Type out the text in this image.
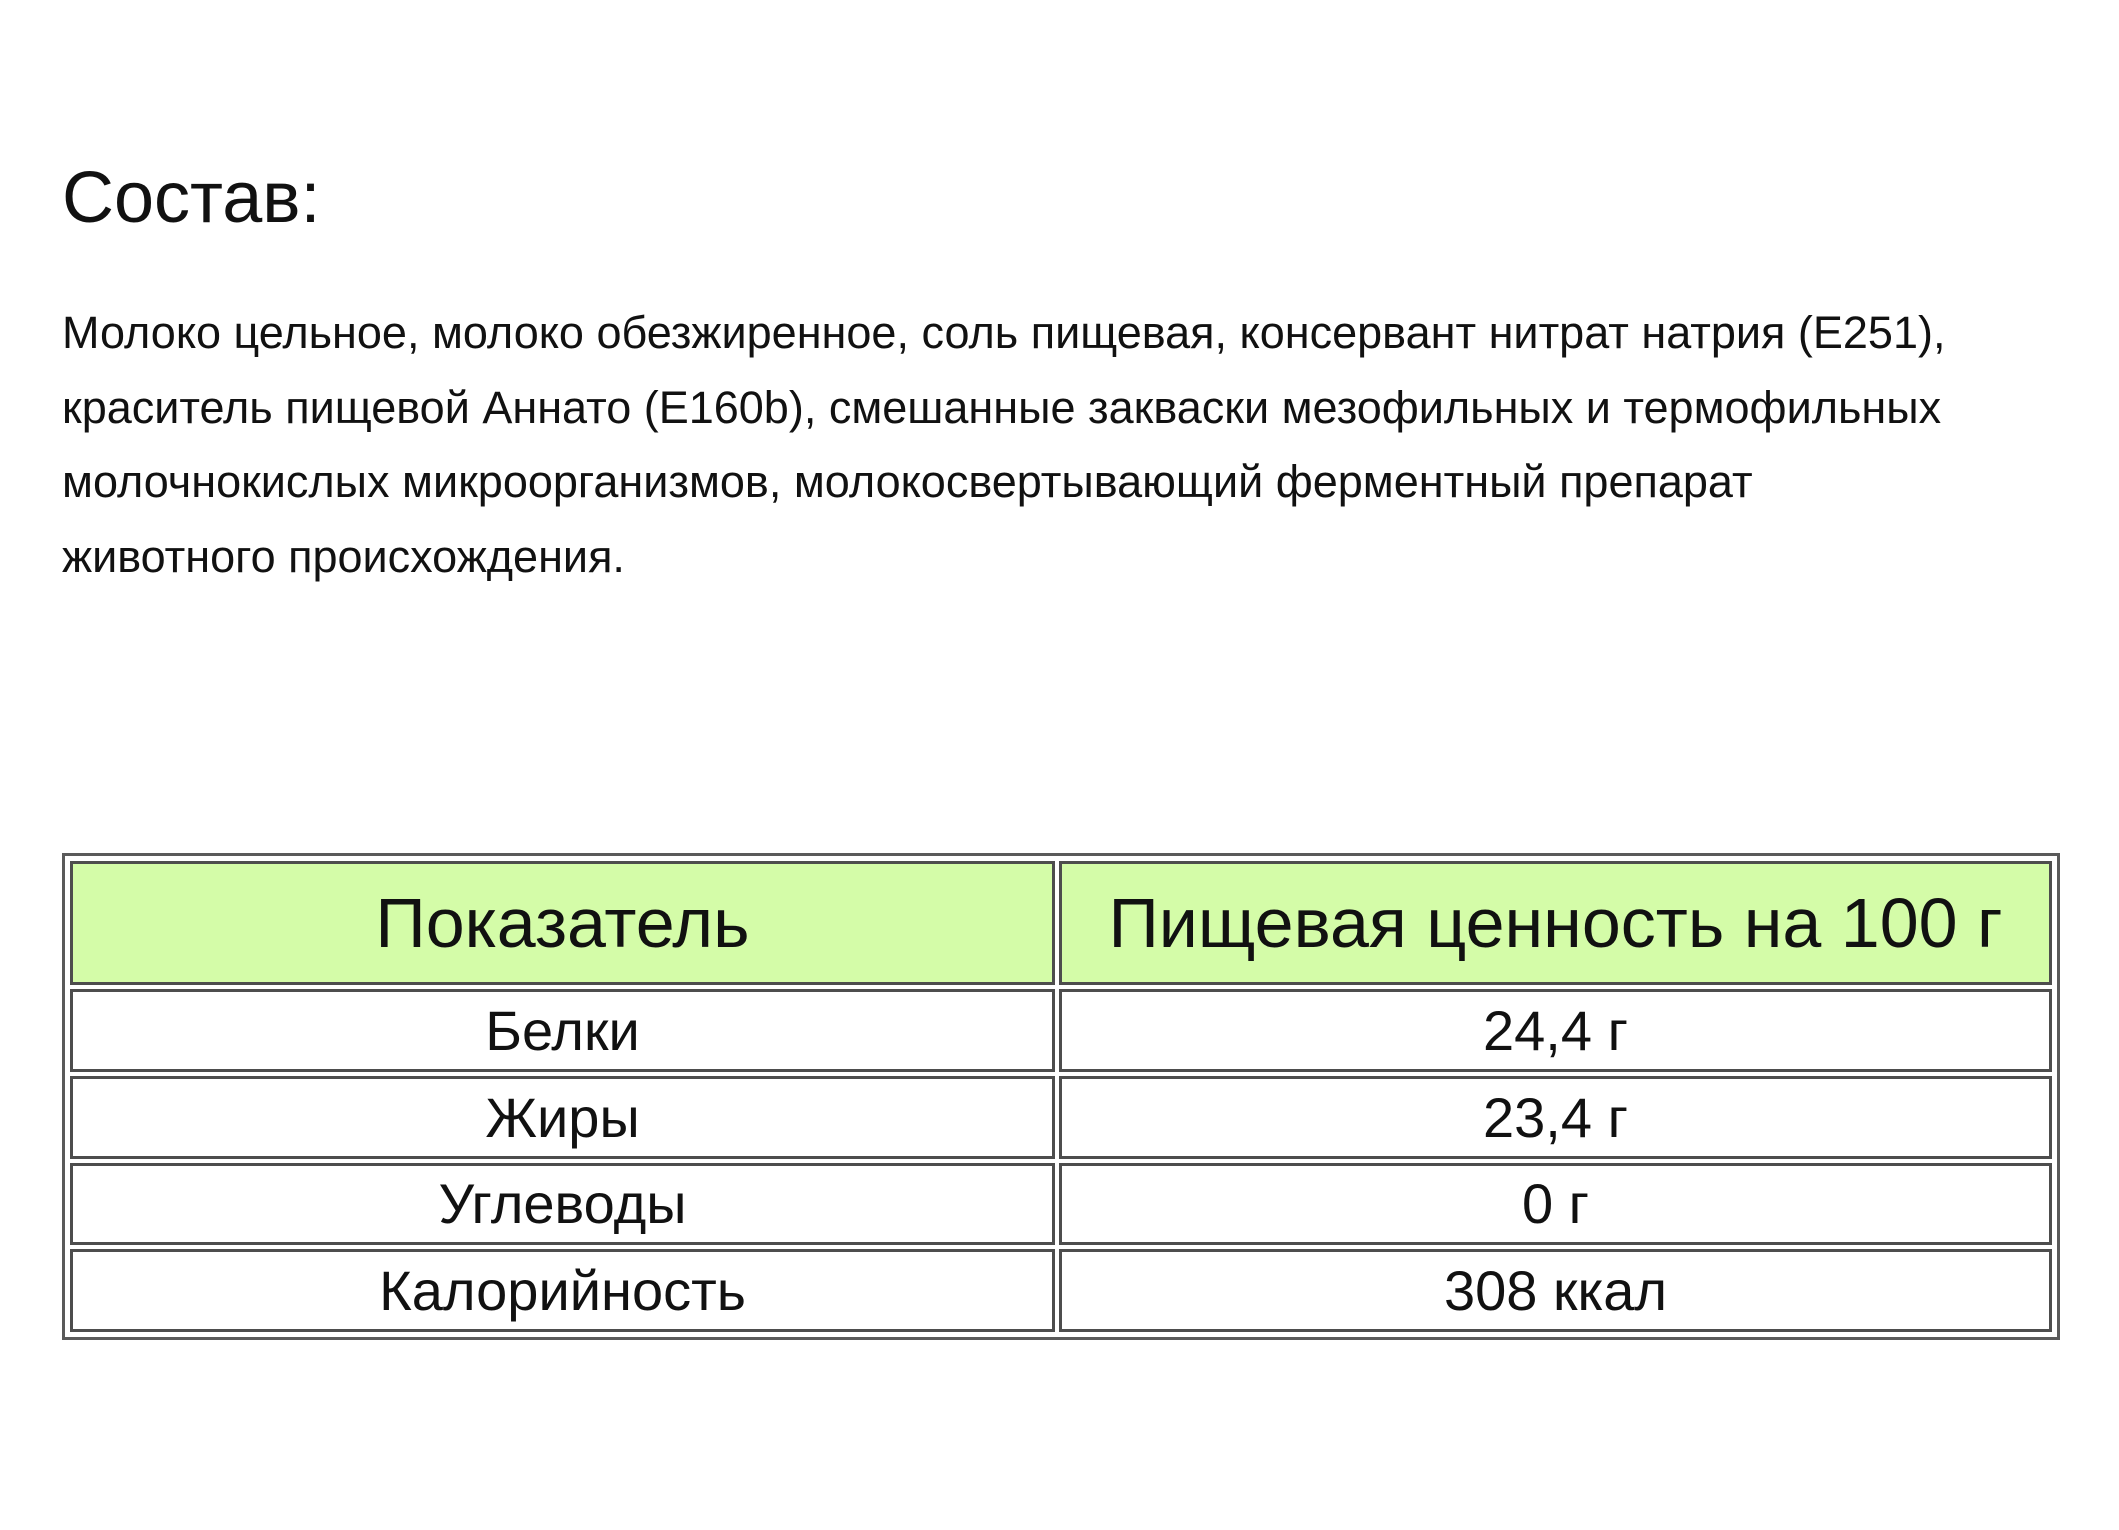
Состав:

Молоко цельное, молоко обезжиренное, соль пищевая, консервант нитрат натрия (E251),
краситель пищевой Аннато (E160b), смешанные закваски мезофильных и термофильных
молочнокислых микроорганизмов, молокосвертывающий ферментный препарат
животного происхождения.

Показатель	Пищевая ценность на 100 г
Белки	24,4 г
Жиры	23,4 г
Углеводы	0 г
Калорийность	308 ккал
